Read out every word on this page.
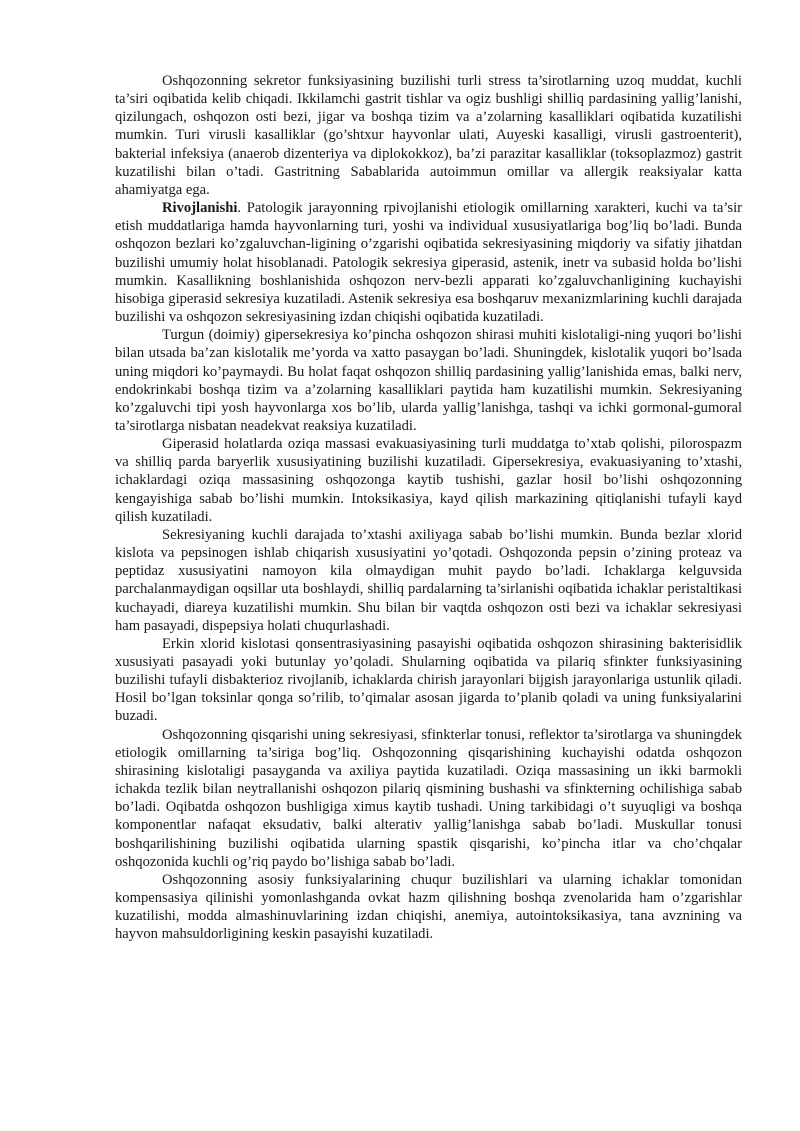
Oshqozonning sekretor funksiyasining buzilishi turli stress ta’sirotlarning uzoq muddat, kuchli ta’siri oqibatida kelib chiqadi. Ikkilamchi gastrit tishlar va ogiz bushligi shilliq pardasining yallig’lanishi, qizilungach, oshqozon osti bezi, jigar va boshqa tizim va a’zolarning kasalliklari oqibatida kuzatilishi mumkin. Turi virusli kasalliklar (go’shtxur hayvonlar ulati, Auyeski kasalligi, virusli gastroenterit), bakterial infeksiya (anaerob dizenteriya va diplokokkoz), ba’zi parazitar kasalliklar (toksoplazmoz) gastrit kuzatilishi bilan o’tadi. Gastritning Sabablarida autoimmun omillar va allergik reaksiyalar katta ahamiyatga ega.

Rivojlanishi. Patologik jarayonning rpivojlanishi etiologik omillarning xarakteri, kuchi va ta’sir etish muddatlariga hamda hayvonlarning turi, yoshi va individual xususiyatlariga bog’liq bo’ladi. Bunda oshqozon bezlari ko’zgaluvchan-ligining o’zgarishi oqibatida sekresiyasining miqdoriy va sifatiy jihatdan buzilishi umumiy holat hisoblanadi. Patologik sekresiya giperasid, astenik, inetr va subasid holda bo’lishi mumkin. Kasallikning boshlanishida oshqozon nerv-bezli apparati ko’zgaluvchanligining kuchayishi hisobiga giperasid sekresiya kuzatiladi. Astenik sekresiya esa boshqaruv mexanizmlarining kuchli darajada buzilishi va oshqozon sekresiyasining izdan chiqishi oqibatida kuzatiladi.

Turgun (doimiy) gipersekresiya ko’pincha oshqozon shirasi muhiti kislotaligi-ning yuqori bo’lishi bilan utsada ba’zan kislotalik me’yorda va xatto pasaygan bo’ladi. Shuningdek, kislotalik yuqori bo’lsada uning miqdori ko’paymaydi. Bu holat faqat oshqozon shilliq pardasining yallig’lanishida emas, balki nerv, endokrinkabi boshqa tizim va a’zolarning kasalliklari paytida ham kuzatilishi mumkin. Sekresiyaning ko’zgaluvchi tipi yosh hayvonlarga xos bo’lib, ularda yallig’lanishga, tashqi va ichki gormonal-gumoral ta’sirotlarga nisbatan neadekvat reaksiya kuzatiladi.

Giperasid holatlarda oziqa massasi evakuasiyasining turli muddatga to’xtab qolishi, pilorospazm va shilliq parda baryerlik xususiyatining buzilishi kuzatiladi. Gipersekresiya, evakuasiyaning to’xtashi, ichaklardagi oziqa massasining oshqozonga kaytib tushishi, gazlar hosil bo’lishi oshqozonning kengayishiga sabab bo’lishi mumkin. Intoksikasiya, kayd qilish markazining qitiqlanishi tufayli kayd qilish kuzatiladi.

Sekresiyaning kuchli darajada to’xtashi axiliyaga sabab bo’lishi mumkin. Bunda bezlar xlorid kislota va pepsinogen ishlab chiqarish xususiyatini yo’qotadi. Oshqozonda pepsin o’zining proteaz va peptidaz xususiyatini namoyon kila olmaydigan muhit paydo bo’ladi. Ichaklarga kelguvsida parchalanmaydigan oqsillar uta boshlaydi, shilliq pardalarning ta’sirlanishi oqibatida ichaklar peristaltikasi kuchayadi, diareya kuzatilishi mumkin. Shu bilan bir vaqtda oshqozon osti bezi va ichaklar sekresiyasi ham pasayadi, dispepsiya holati chuqurlashadi.

Erkin xlorid kislotasi qonsentrasiyasining pasayishi oqibatida oshqozon shirasining bakterisidlik xususiyati pasayadi yoki butunlay yo’qoladi. Shularning oqibatida va pilariq sfinkter funksiyasining buzilishi tufayli disbakterioz rivojlanib, ichaklarda chirish jarayonlari bijgish jarayonlariga ustunlik qiladi. Hosil bo’lgan toksinlar qonga so’rilib, to’qimalar asosan jigarda to’planib qoladi va uning funksiyalarini buzadi.

Oshqozonning qisqarishi uning sekresiyasi, sfinkterlar tonusi, reflektor ta’sirotlarga va shuningdek etiologik omillarning ta’siriga bog’liq. Oshqozonning qisqarishining kuchayishi odatda oshqozon shirasining kislotaligi pasayganda va axiliya paytida kuzatiladi. Oziqa massasining un ikki barmokli ichakda tezlik bilan neytrallanishi oshqozon pilariq qismining bushashi va sfinkterning ochilishiga sabab bo’ladi. Oqibatda oshqozon bushligiga ximus kaytib tushadi. Uning tarkibidagi o’t suyuqligi va boshqa komponentlar nafaqat eksudativ, balki alterativ yallig’lanishga sabab bo’ladi. Muskullar tonusi boshqarilishining buzilishi oqibatida ularning spastik qisqarishi, ko’pincha itlar va cho’chqalar oshqozonida kuchli og’riq paydo bo’lishiga sabab bo’ladi.

Oshqozonning asosiy funksiyalarining chuqur buzilishlari va ularning ichaklar tomonidan kompensasiya qilinishi yomonlashganda ovkat hazm qilishning boshqa zvenolarida ham o’zgarishlar kuzatilishi, modda almashinuvlarining izdan chiqishi, anemiya, autointoksikasiya, tana avznining va hayvon mahsuldorligining keskin pasayishi kuzatiladi.
